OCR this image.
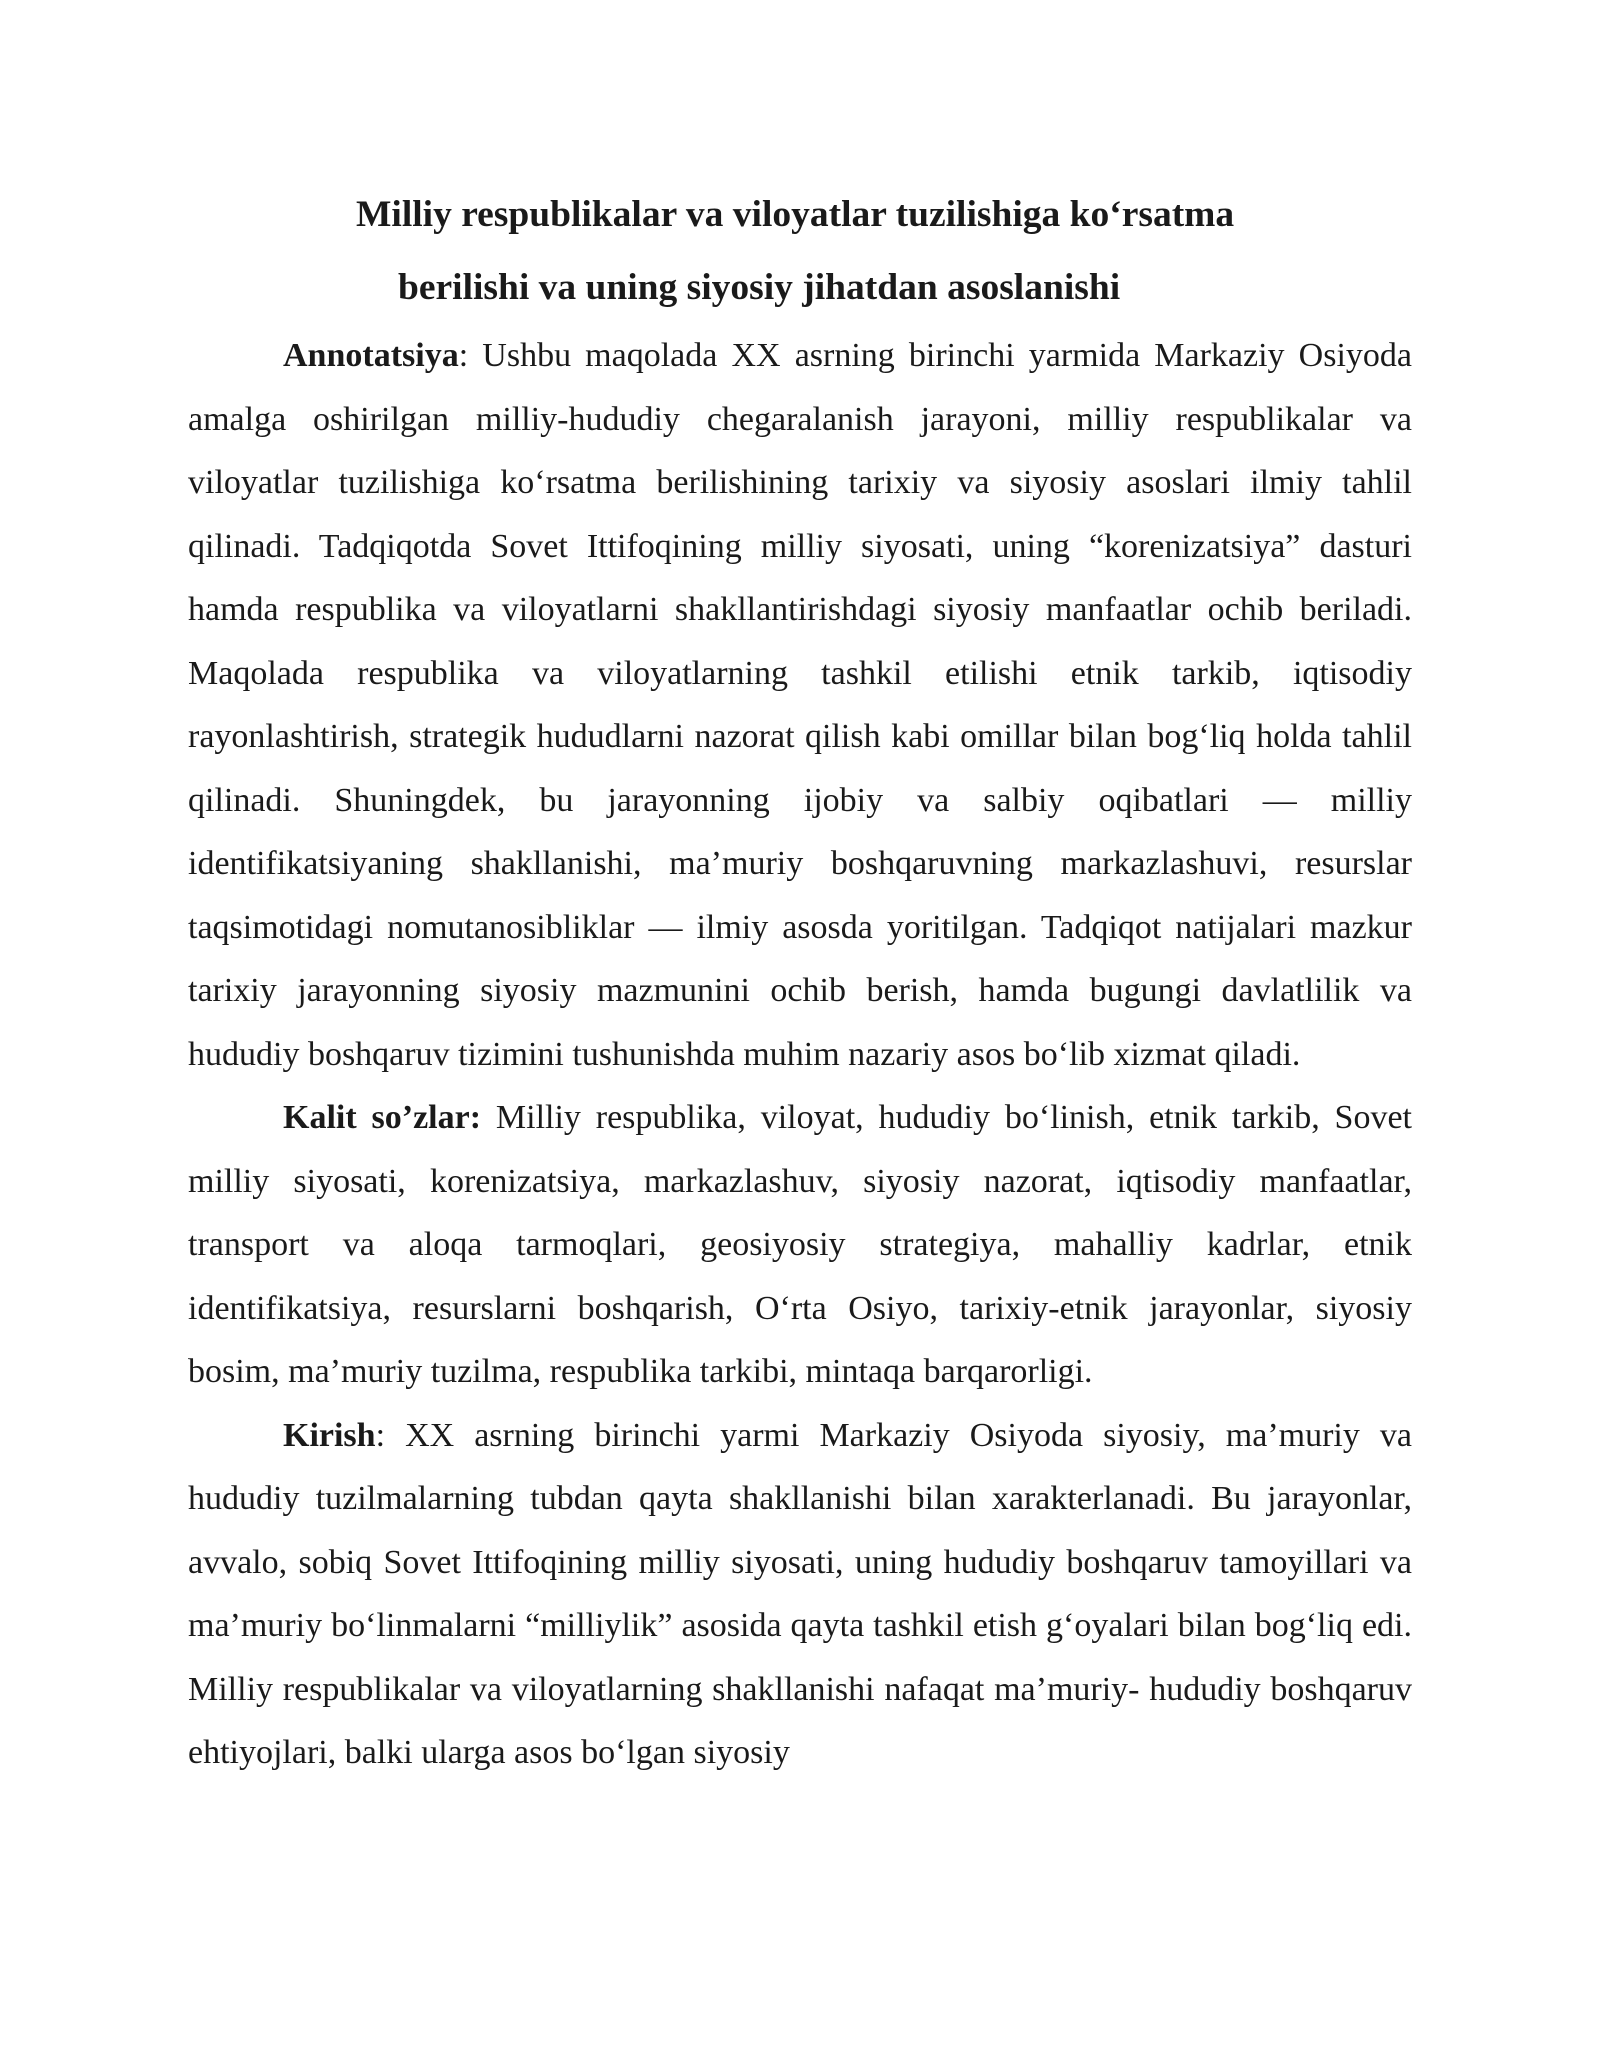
Milliy respublikalar va viloyatlar tuzilishiga ko‘rsatma
berilishi va uning siyosiy jihatdan asoslanishi

Annotatsiya: Ushbu maqolada XX asrning birinchi yarmida Markaziy Osiyoda amalga oshirilgan milliy-hududiy chegaralanish jarayoni, milliy respublikalar va viloyatlar tuzilishiga ko‘rsatma berilishining tarixiy va siyosiy asoslari ilmiy tahlil qilinadi. Tadqiqotda Sovet Ittifoqining milliy siyosati, uning “korenizatsiya” dasturi hamda respublika va viloyatlarni shakllantirishdagi siyosiy manfaatlar ochib beriladi. Maqolada respublika va viloyatlarning tashkil etilishi etnik tarkib, iqtisodiy rayonlashtirish, strategik hududlarni nazorat qilish kabi omillar bilan bog‘liq holda tahlil qilinadi. Shuningdek, bu jarayonning ijobiy va salbiy oqibatlari — milliy identifikatsiyaning shakllanishi, ma’muriy boshqaruvning markazlashuvi, resurslar taqsimotidagi nomutanosibliklar — ilmiy asosda yoritilgan. Tadqiqot natijalari mazkur tarixiy jarayonning siyosiy mazmunini ochib berish, hamda bugungi davlatlilik va hududiy boshqaruv tizimini tushunishda muhim nazariy asos bo‘lib xizmat qiladi.

Kalit so’zlar: Milliy respublika, viloyat, hududiy bo‘linish, etnik tarkib, Sovet milliy siyosati, korenizatsiya, markazlashuv, siyosiy nazorat, iqtisodiy manfaatlar, transport va aloqa tarmoqlari, geosiyosiy strategiya, mahalliy kadrlar, etnik identifikatsiya, resurslarni boshqarish, O‘rta Osiyo, tarixiy-etnik jarayonlar, siyosiy bosim, ma’muriy tuzilma, respublika tarkibi, mintaqa barqarorligi.

Kirish: XX asrning birinchi yarmi Markaziy Osiyoda siyosiy, ma’muriy va hududiy tuzilmalarning tubdan qayta shakllanishi bilan xarakterlanadi. Bu jarayonlar, avvalo, sobiq Sovet Ittifoqining milliy siyosati, uning hududiy boshqaruv tamoyillari va ma’muriy bo‘linmalarni “milliylik” asosida qayta tashkil etish g‘oyalari bilan bog‘liq edi. Milliy respublikalar va viloyatlarning shakllanishi nafaqat ma’muriy- hududiy boshqaruv ehtiyojlari, balki ularga asos bo‘lgan siyosiy
